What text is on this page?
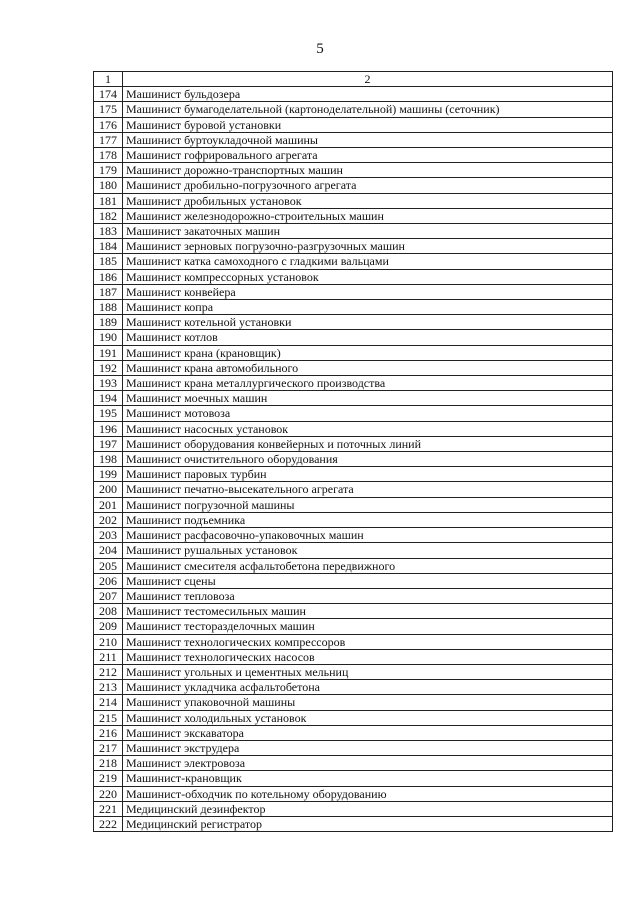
5
1	2
174	Машинист бульдозера
175	Машинист бумагоделательной (картоноделательной) машины (сеточник)
176	Машинист буровой установки
177	Машинист буртоукладочной машины
178	Машинист гофрировального агрегата
179	Машинист дорожно-транспортных машин
180	Машинист дробильно-погрузочного агрегата
181	Машинист дробильных установок
182	Машинист железнодорожно-строительных машин
183	Машинист закаточных машин
184	Машинист зерновых погрузочно-разгрузочных машин
185	Машинист катка самоходного с гладкими вальцами
186	Машинист компрессорных установок
187	Машинист конвейера
188	Машинист копра
189	Машинист котельной установки
190	Машинист котлов
191	Машинист крана (крановщик)
192	Машинист крана автомобильного
193	Машинист крана металлургического производства
194	Машинист моечных машин
195	Машинист мотовоза
196	Машинист насосных установок
197	Машинист оборудования конвейерных и поточных линий
198	Машинист очистительного оборудования
199	Машинист паровых турбин
200	Машинист печатно-высекательного агрегата
201	Машинист погрузочной машины
202	Машинист подъемника
203	Машинист расфасовочно-упаковочных машин
204	Машинист рушальных установок
205	Машинист смесителя асфальтобетона передвижного
206	Машинист сцены
207	Машинист тепловоза
208	Машинист тестомесильных машин
209	Машинист тесторазделочных машин
210	Машинист технологических компрессоров
211	Машинист технологических насосов
212	Машинист угольных и цементных мельниц
213	Машинист укладчика асфальтобетона
214	Машинист упаковочной машины
215	Машинист холодильных установок
216	Машинист экскаватора
217	Машинист экструдера
218	Машинист электровоза
219	Машинист-крановщик
220	Машинист-обходчик по котельному оборудованию
221	Медицинский дезинфектор
222	Медицинский регистратор
